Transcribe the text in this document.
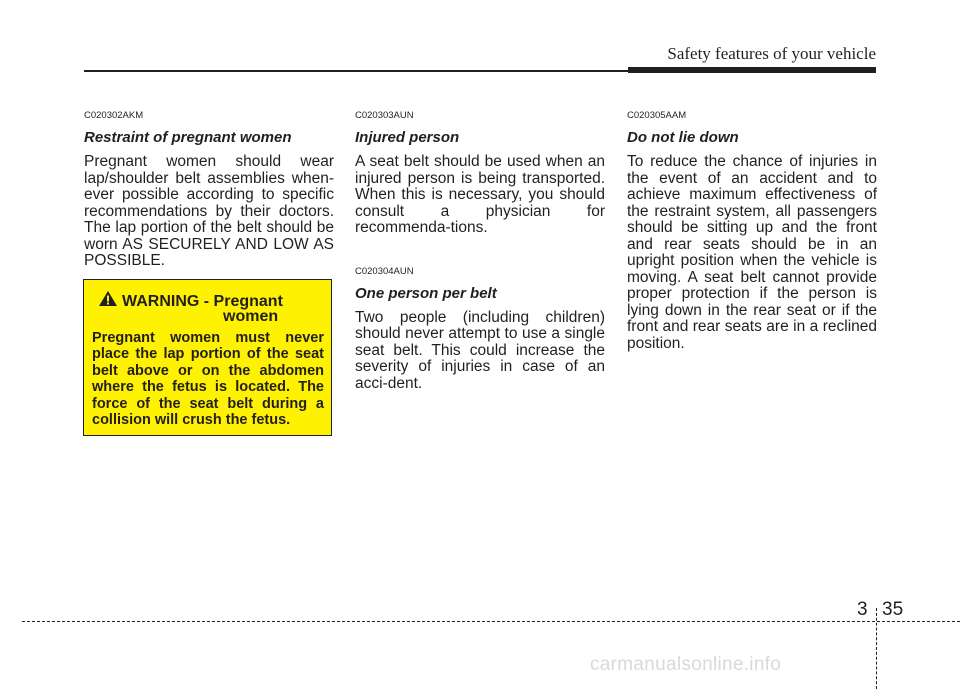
Safety features of your vehicle

C020302AKM

Restraint of pregnant women

Pregnant women should wear lap/shoulder belt assemblies when-ever possible according to specific recommendations by their doctors. The lap portion of the belt should be worn AS SECURELY AND LOW AS POSSIBLE.

C020303AUN

Injured person

A seat belt should be used when an injured person is being transported. When this is necessary, you should consult a physician for recommenda-tions.

C020304AUN

One person per belt

Two people (including children) should never attempt to use a single seat belt. This could increase the severity of injuries in case of an acci-dent.

C020305AAM

Do not lie down

To reduce the chance of injuries in the event of an accident and to achieve maximum effectiveness of the restraint system, all passengers should be sitting up and the front and rear seats should be in an upright position when the vehicle is moving. A seat belt cannot provide proper protection if the person is lying down in the rear seat or if the front and rear seats are in a reclined position.

WARNING - Pregnant
women

Pregnant women must never place the lap portion of the seat belt above or on the abdomen where the fetus is located. The force of the seat belt during a collision will crush the fetus.

3 35
carmanualsonline.info
